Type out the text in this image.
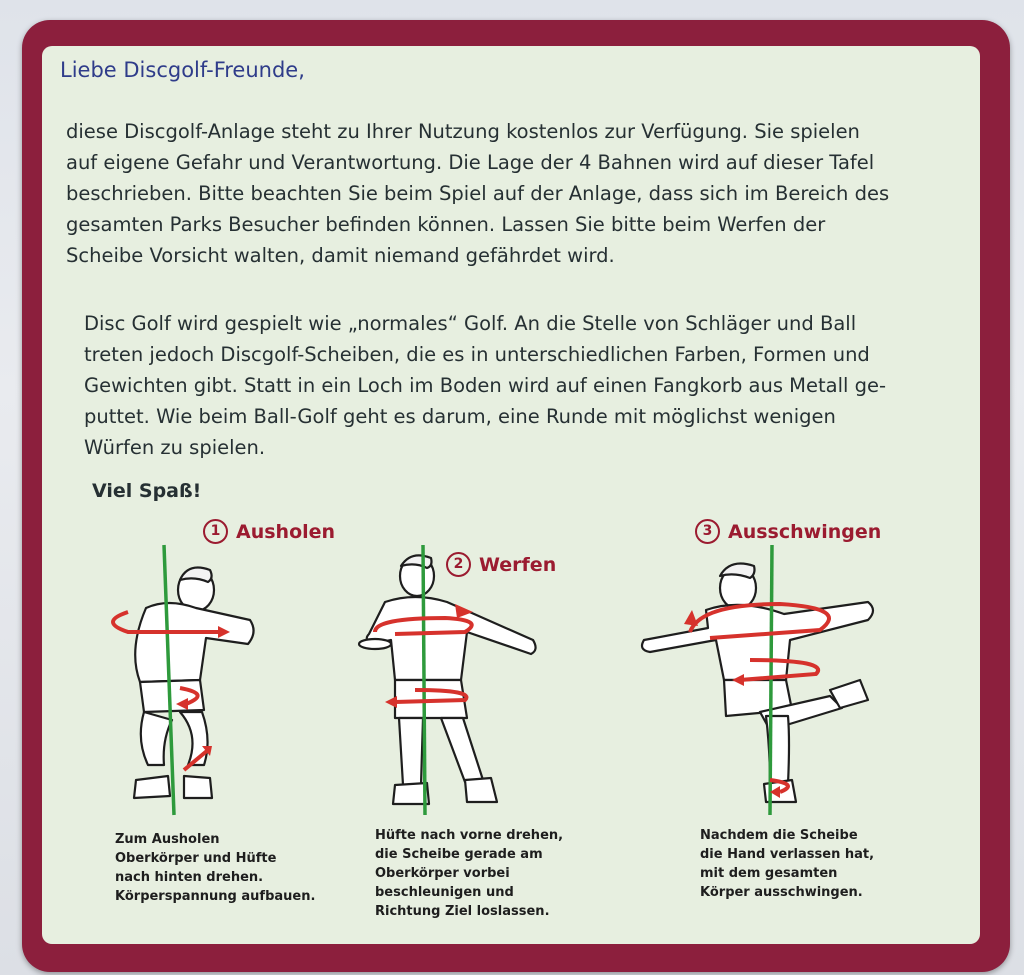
Liebe Discgolf-Freunde,

diese Discgolf-Anlage steht zu Ihrer Nutzung kostenlos zur Verfügung. Sie spielen
auf eigene Gefahr und Verantwortung. Die Lage der 4 Bahnen wird auf dieser Tafel
beschrieben. Bitte beachten Sie beim Spiel auf der Anlage, dass sich im Bereich des
gesamten Parks Besucher befinden können. Lassen Sie bitte beim Werfen der
Scheibe Vorsicht walten, damit niemand gefährdet wird.

Disc Golf wird gespielt wie „normales“ Golf. An die Stelle von Schläger und Ball
treten jedoch Discgolf-Scheiben, die es in unterschiedlichen Farben, Formen und
Gewichten gibt. Statt in ein Loch im Boden wird auf einen Fangkorb aus Metall ge-
puttet. Wie beim Ball-Golf geht es darum, eine Runde mit möglichst wenigen
Würfen zu spielen.

Viel Spaß!
1 Ausholen
2 Werfen
3 Ausschwingen

Zum Ausholen
Oberkörper und Hüfte
nach hinten drehen.
Körperspannung aufbauen.

Hüfte nach vorne drehen,
die Scheibe gerade am
Oberkörper vorbei
beschleunigen und
Richtung Ziel loslassen.

Nachdem die Scheibe
die Hand verlassen hat,
mit dem gesamten
Körper ausschwingen.
